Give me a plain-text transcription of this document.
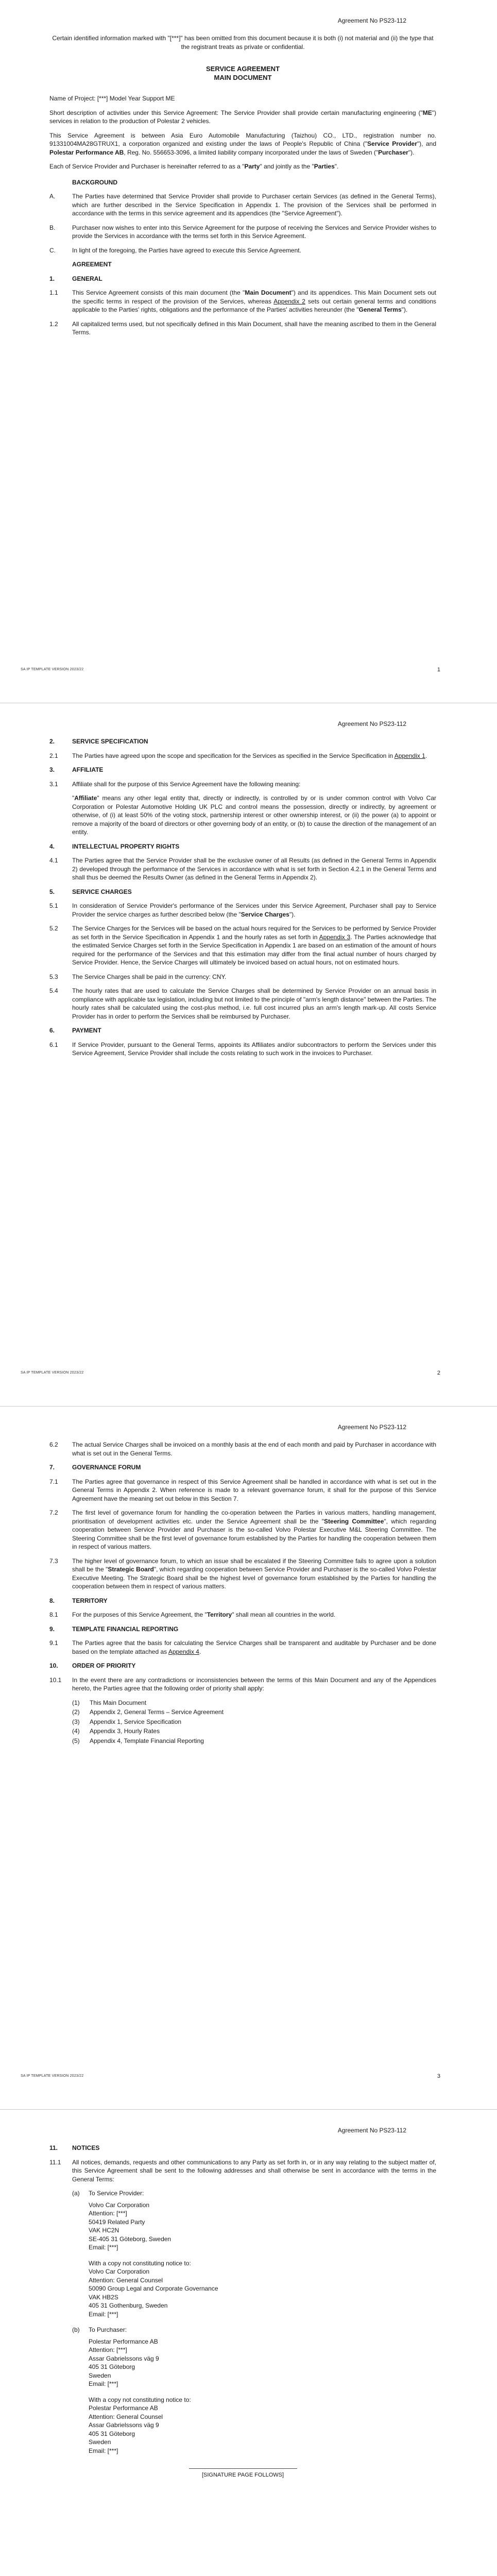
Agreement No PS23-112

Certain identified information marked with "[***]" has been omitted from this document because it is both (i) not material and (ii) the type that the registrant treats as private or confidential.

SERVICE AGREEMENT
MAIN DOCUMENT

Name of Project: [***] Model Year Support ME

Short description of activities under this Service Agreement: The Service Provider shall provide certain manufacturing engineering ("ME") services in relation to the production of Polestar 2 vehicles.

This Service Agreement is between Asia Euro Automobile Manufacturing (Taizhou) CO., LTD., registration number no. 91331004MA28GTRUX1, a corporation organized and existing under the laws of People's Republic of China ("Service Provider"), and Polestar Performance AB, Reg. No. 556653-3096, a limited liability company incorporated under the laws of Sweden ("Purchaser").

Each of Service Provider and Purchaser is hereinafter referred to as a "Party" and jointly as the "Parties".

BACKGROUND
A.	The Parties have determined that Service Provider shall provide to Purchaser certain Services (as defined in the General Terms), which are further described in the Service Specification in Appendix 1. The provision of the Services shall be performed in accordance with the terms in this service agreement and its appendices (the "Service Agreement").
B.	Purchaser now wishes to enter into this Service Agreement for the purpose of receiving the Services and Service Provider wishes to provide the Services in accordance with the terms set forth in this Service Agreement.
C.	In light of the foregoing, the Parties have agreed to execute this Service Agreement.
AGREEMENT
1.	GENERAL
1.1	This Service Agreement consists of this main document (the "Main Document") and its appendices. This Main Document sets out the specific terms in respect of the provision of the Services, whereas Appendix 2 sets out certain general terms and conditions applicable to the Parties' rights, obligations and the performance of the Parties' activities hereunder (the "General Terms").
1.2	All capitalized terms used, but not specifically defined in this Main Document, shall have the meaning ascribed to them in the General Terms.
SA IP TEMPLATE VERSION 2023/22	1
Agreement No PS23-112
2.	SERVICE SPECIFICATION
2.1	The Parties have agreed upon the scope and specification for the Services as specified in the Service Specification in Appendix 1.
3.	AFFILIATE
3.1	Affiliate shall for the purpose of this Service Agreement have the following meaning:
"Affiliate" means any other legal entity that, directly or indirectly, is controlled by or is under common control with Volvo Car Corporation or Polestar Automotive Holding UK PLC and control means the possession, directly or indirectly, by agreement or otherwise, of (i) at least 50% of the voting stock, partnership interest or other ownership interest, or (ii) the power (a) to appoint or remove a majority of the board of directors or other governing body of an entity, or (b) to cause the direction of the management of an entity.
4.	INTELLECTUAL PROPERTY RIGHTS
4.1	The Parties agree that the Service Provider shall be the exclusive owner of all Results (as defined in the General Terms in Appendix 2) developed through the performance of the Services in accordance with what is set forth in Section 4.2.1 in the General Terms and shall thus be deemed the Results Owner (as defined in the General Terms in Appendix 2).
5.	SERVICE CHARGES
5.1	In consideration of Service Provider's performance of the Services under this Service Agreement, Purchaser shall pay to Service Provider the service charges as further described below (the "Service Charges").
5.2	The Service Charges for the Services will be based on the actual hours required for the Services to be performed by Service Provider as set forth in the Service Specification in Appendix 1 and the hourly rates as set forth in Appendix 3. The Parties acknowledge that the estimated Service Charges set forth in the Service Specification in Appendix 1 are based on an estimation of the amount of hours required for the performance of the Services and that this estimation may differ from the final actual number of hours charged by Service Provider. Hence, the Service Charges will ultimately be invoiced based on actual hours, not on estimated hours.
5.3	The Service Charges shall be paid in the currency: CNY.
5.4	The hourly rates that are used to calculate the Service Charges shall be determined by Service Provider on an annual basis in compliance with applicable tax legislation, including but not limited to the principle of "arm's length distance" between the Parties. The hourly rates shall be calculated using the cost-plus method, i.e. full cost incurred plus an arm's length mark-up. All costs Service Provider has in order to perform the Services shall be reimbursed by Purchaser.
6.	PAYMENT
6.1	If Service Provider, pursuant to the General Terms, appoints its Affiliates and/or subcontractors to perform the Services under this Service Agreement, Service Provider shall include the costs relating to such work in the invoices to Purchaser.
SA IP TEMPLATE VERSION 2023/22	2
Agreement No PS23-112
6.2	The actual Service Charges shall be invoiced on a monthly basis at the end of each month and paid by Purchaser in accordance with what is set out in the General Terms.
7.	GOVERNANCE FORUM
7.1	The Parties agree that governance in respect of this Service Agreement shall be handled in accordance with what is set out in the General Terms in Appendix 2. When reference is made to a relevant governance forum, it shall for the purpose of this Service Agreement have the meaning set out below in this Section 7.
7.2	The first level of governance forum for handling the co-operation between the Parties in various matters, handling management, prioritisation of development activities etc. under the Service Agreement shall be the "Steering Committee", which regarding cooperation between Service Provider and Purchaser is the so-called Volvo Polestar Executive M&L Steering Committee. The Steering Committee shall be the first level of governance forum established by the Parties for handling the cooperation between them in respect of various matters.
7.3	The higher level of governance forum, to which an issue shall be escalated if the Steering Committee fails to agree upon a solution shall be the "Strategic Board", which regarding cooperation between Service Provider and Purchaser is the so-called Volvo Polestar Executive Meeting. The Strategic Board shall be the highest level of governance forum established by the Parties for handling the cooperation between them in respect of various matters.
8.	TERRITORY
8.1	For the purposes of this Service Agreement, the "Territory" shall mean all countries in the world.
9.	TEMPLATE FINANCIAL REPORTING
9.1	The Parties agree that the basis for calculating the Service Charges shall be transparent and auditable by Purchaser and be done based on the template attached as Appendix 4.
10.	ORDER OF PRIORITY
10.1	In the event there are any contradictions or inconsistencies between the terms of this Main Document and any of the Appendices hereto, the Parties agree that the following order of priority shall apply:
(1)	This Main Document
(2)	Appendix 2, General Terms – Service Agreement
(3)	Appendix 1, Service Specification
(4)	Appendix 3, Hourly Rates
(5)	Appendix 4, Template Financial Reporting
SA IP TEMPLATE VERSION 2023/22	3
Agreement No PS23-112
11.	NOTICES
11.1	All notices, demands, requests and other communications to any Party as set forth in, or in any way relating to the subject matter of, this Service Agreement shall be sent to the following addresses and shall otherwise be sent in accordance with the terms in the General Terms:
(a)	To Service Provider:

Volvo Car Corporation
Attention: [***]
50419 Related Party
VAK HC2N
SE-405 31 Göteborg, Sweden
Email: [***]

With a copy not constituting notice to:
Volvo Car Corporation
Attention: General Counsel
50090 Group Legal and Corporate Governance
VAK HB2S
405 31 Gothenburg, Sweden
Email: [***]

(b)	To Purchaser:

Polestar Performance AB
Attention: [***]
Assar Gabrielssons väg 9
405 31 Göteborg
Sweden
Email: [***]

With a copy not constituting notice to:
Polestar Performance AB
Attention: General Counsel
Assar Gabrielssons väg 9
405 31 Göteborg
Sweden
Email: [***]

[SIGNATURE PAGE FOLLOWS]
